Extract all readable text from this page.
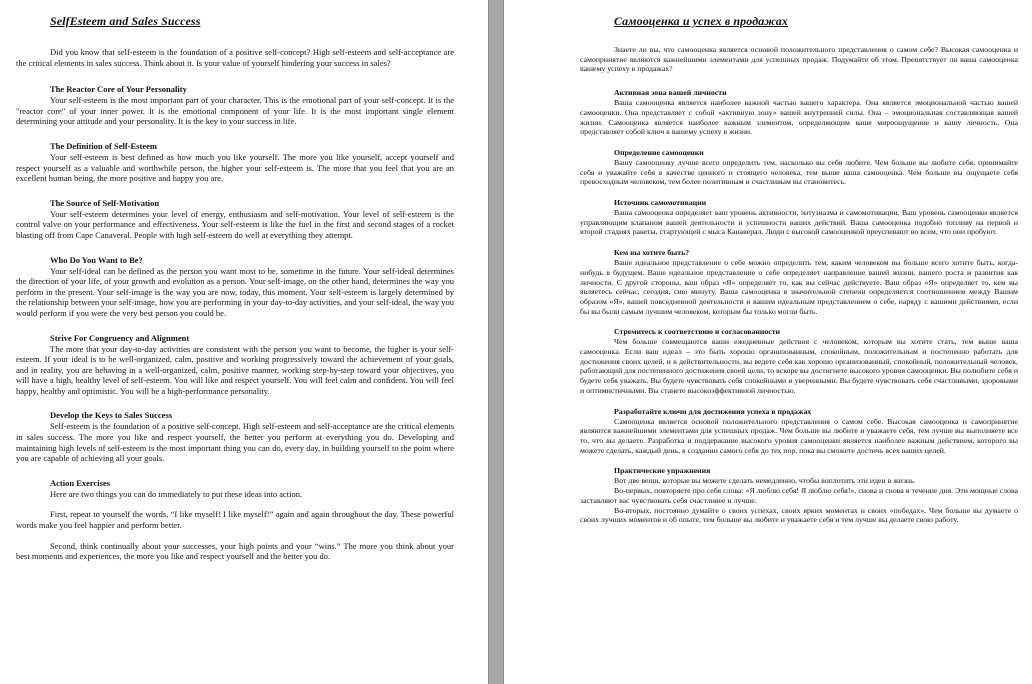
SelfEsteem and Sales Success

Did you know that self-esteem is the foundation of a positive self-concept? High self-esteem and self-acceptance are the critical elements in sales success. Think about it. Is your value of yourself hindering your success in sales?

The Reactor Core of Your Personality

Your self-esteem is the most important part of your character. This is the emotional part of your self-concept. It is the "reactor core" of your inner power. It is the emotional component of your life. It is the most important single element determining your attitude and your personality. It is the key to your success in life.

The Definition of Self-Esteem

Your self-esteem is best defined as how much you like yourself. The more you like yourself, accept yourself and respect yourself as a valuable and worthwhile person, the higher your self-esteem is. The more that you feel that you are an excellent human being, the more positive and happy you are.

The Source of Self-Motivation

Your self-esteem determines your level of energy, enthusiasm and self-motivation. Your level of self-esteem is the control valve on your performance and effectiveness. Your self-esteem is like the fuel in the first and second stages of a rocket blasting off from Cape Canaveral. People with high self-esteem do well at everything they attempt.

Who Do You Want to Be?

Your self-ideal can be defined as the person you want most to be, sometime in the future. Your self-ideal determines the direction of your life, of your growth and evolution as a person. Your self-image, on the other hand, determines the way you perform in the present. Your self-image is the way you are now, today, this moment. Your self-esteem is largely determined by the relationship between your self-image, how you are performing in your day-to-day activities, and your self-ideal, the way you would perform if you were the very best person you could be.

Strive For Congruency and Alignment

The more that your day-to-day activities are consistent with the person you want to become, the higher is your self-esteem. If your ideal is to be well-organized, calm, positive and working progressively toward the achievement of your goals, and in reality, you are behaving in a well-organized, calm, positive manner, working step-by-step toward your objectives, you will have a high, healthy level of self-esteem. You will like and respect yourself. You will feel calm and confident. You will feel happy, healthy and optimistic. You will be a high-performance personality.

Develop the Keys to Sales Success

Self-esteem is the foundation of a positive self-concept. High self-esteem and self-acceptance are the critical elements in sales success. The more you like and respect yourself, the better you perform at everything you do. Developing and maintaining high levels of self-esteem is the most important thing you can do, every day, in building yourself to the point where you are capable of achieving all your goals.

Action Exercises

Here are two things you can do immediately to put these ideas into action.

First, repeat to yourself the words, “I like myself! I like myself!” again and again throughout the day. These powerful words make you feel happier and perform better.

Second, think continually about your successes, your high points and your “wins.” The more you think about your best moments and experiences, the more you like and respect yourself and the better you do.

Самооценка и успех в продажах

Знаете ли вы, что самооценка является основой положительного представления о самом себе? Высокая самооценка и самопринятие являются важнейшими элементами для успешных продаж. Подумайте об этом. Препятствует ли ваша самооценка вашему успеху в продажах?

Активная зона вашей личности

Ваша самооценка является наиболее важной частью вашего характера. Она является эмоциональной частью вашей самооценки. Она представляет с собой «активную зону» вашей внутренней силы. Она – эмоциональная составляющая вашей жизни. Самооценка является наиболее важным элементом, определяющим ваше мироощущение и вашу личность. Она представляет собой ключ к вашему успеху в жизни.

Определение самооценки

Вашу самооценку лучше всего определить тем, насколько вы себя любите. Чем больше вы любите себя, принимайте себя и уважайте себя в качестве ценного и стоящего человека, тем выше ваша самооценка. Чем больше вы ощущаете себя превосходным человеком, тем более позитивным и счастливым вы становитесь.

Источник самомотивации

Ваша самооценка определяет ваш уровень активности, энтузиазма и самомотивации. Ваш уровень самооценки является управляющим клапаном вашей деятельности и успешности ваших действий. Ваша самооценка подобно топливу на первой и второй стадиях ракеты, стартующей с мыса Канаверал. Люди с высокой самооценкой преуспевают во всем, что они пробуют.

Кем вы хотите быть?

Ваше идеальное представление о себе можно определить тем, каким человеком вы больше всего хотите быть, когда-нибудь в будущем. Ваше идеальное представление о себе определяет направление вашей жизни, вашего роста и развития как личности. С другой стороны, ваш образ «Я» определяет то, как вы сейчас действуете. Ваш образ «Я» определяет то, кем вы являетесь сейчас, сегодня, сию минуту. Ваша самооценка в значительной степени определяется соотношением между Вашим образом «Я», вашей повседневной деятельности и вашим идеальным представлением о себе, наряду с вашими действиями, если бы вы были самым лучшим человеком, которым бы только могли быть.

Стремитесь к соответствию и согласованности

Чем больше совмещаются ваши ежедневные действия с человеком, которым вы хотите стать, тем выше ваша самооценка. Если ваш идеал – это быть хорошо организованным, спокойным, положительным и постепенно работать для достижения своих целей, и в действительности, вы ведете себя как хорошо организованный, спокойный, положительный человек, работающий для постепенного достижения своей цели, то вскоре вы достигнете высокого уровня самооценки. Вы полюбите себя и будете себя уважать. Вы будете чувствовать себя спокойными и уверенными. Вы будете чувствовать себя счастливыми, здоровыми и оптимистичными. Вы станете высокоэффективной личностью.

Разработайте ключи для достижения успеха в продажах

Самооценка является основой положительного представления о самом себе. Высокая самооценка и самопринятие являются важнейшими элементами для успешных продаж. Чем больше вы любите и уважаете себя, тем лучше вы выполняете все то, что вы делаете. Разработка и поддержание высокого уровня самооценки является наиболее важным действием, которого вы можете сделать, каждый день, в создании самого себя до тех пор, пока вы сможете достичь всех ваших целей.

Практические упражнения

Вот две вещи, которые вы можете сделать немедленно, чтобы воплотить эти идеи в жизнь.

Во-первых, повторяете про себя слова: «Я люблю себя! Я люблю себя!», снова и снова в течение дня. Эти мощные слова заставляют вас чувствовать себя счастливее и лучше.

Во-вторых, постоянно думайте о своих успехах, своих ярких моментах и своих «победах». Чем больше вы думаете о своих лучших моментов и об опыте, тем больше вы любите и уважаете себя и тем лучше вы делаете свою работу.
